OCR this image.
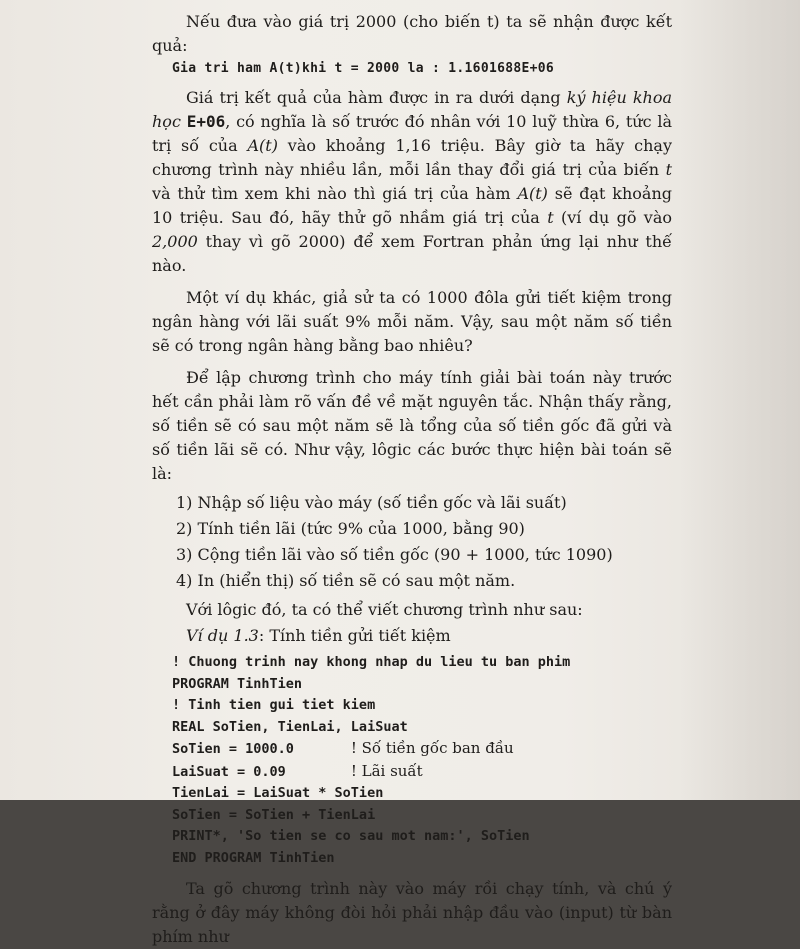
Nếu đưa vào giá trị 2000 (cho biến t) ta sẽ nhận được kết quả:

Gia tri ham A(t)khi t = 2000 la : 1.1601688E+06

Giá trị kết quả của hàm được in ra dưới dạng ký hiệu khoa học E+06, có nghĩa là số trước đó nhân với 10 luỹ thừa 6, tức là trị số của A(t) vào khoảng 1,16 triệu. Bây giờ ta hãy chạy chương trình này nhiều lần, mỗi lần thay đổi giá trị của biến t và thử tìm xem khi nào thì giá trị của hàm A(t) sẽ đạt khoảng 10 triệu. Sau đó, hãy thử gõ nhầm giá trị của t (ví dụ gõ vào 2,000 thay vì gõ 2000) để xem Fortran phản ứng lại như thế nào.

Một ví dụ khác, giả sử ta có 1000 đôla gửi tiết kiệm trong ngân hàng với lãi suất 9% mỗi năm. Vậy, sau một năm số tiền sẽ có trong ngân hàng bằng bao nhiêu?

Để lập chương trình cho máy tính giải bài toán này trước hết cần phải làm rõ vấn đề về mặt nguyên tắc. Nhận thấy rằng, số tiền sẽ có sau một năm sẽ là tổng của số tiền gốc đã gửi và số tiền lãi sẽ có. Như vậy, lôgic các bước thực hiện bài toán sẽ là:

1) Nhập số liệu vào máy (số tiền gốc và lãi suất)
2) Tính tiền lãi (tức 9% của 1000, bằng 90)
3) Cộng tiền lãi vào số tiền gốc (90 + 1000, tức 1090)
4) In (hiển thị) số tiền sẽ có sau một năm.

Với lôgic đó, ta có thể viết chương trình như sau:

Ví dụ 1.3: Tính tiền gửi tiết kiệm

! Chuong trinh nay khong nhap du lieu tu ban phim
PROGRAM TinhTien
! Tinh tien gui tiet kiem
REAL SoTien, TienLai, LaiSuat
SoTien = 1000.0       ! Số tiền gốc ban đầu
LaiSuat = 0.09        ! Lãi suất
TienLai = LaiSuat * SoTien
SoTien = SoTien + TienLai
PRINT*, 'So tien se co sau mot nam:', SoTien
END PROGRAM TinhTien

Ta gõ chương trình này vào máy rồi chạy tính, và chú ý rằng ở đây máy không đòi hỏi phải nhập đầu vào (input) từ bàn phím như
